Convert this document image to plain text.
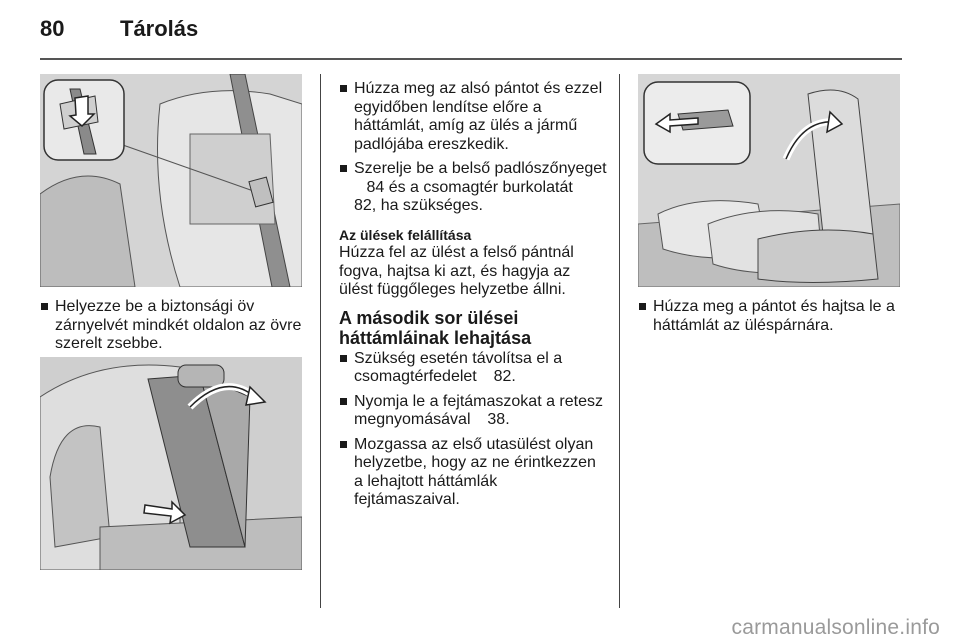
80	Tárolás
Helyezze be a biztonsági öv zárnyelvét mindkét oldalon az övre szerelt zsebbe.
Húzza meg az alsó pántot és ezzel egyidőben lendítse előre a háttámlát, amíg az ülés a jármű padlójába ereszkedik.
Szerelje be a belső padlószőnyeget   84 és a csomagtér burkolatát   82, ha szükséges.
Az ülések felállítása
Húzza fel az ülést a felső pántnál fogva, hajtsa ki azt, és hagyja az ülést függőleges helyzetbe állni.
A második sor ülései háttámláinak lehajtása
Szükség esetén távolítsa el a csomagtérfedelet   82.
Nyomja le a fejtámaszokat a retesz megnyomásával   38.
Mozgassa az első utasülést olyan helyzetbe, hogy az ne érintkezzen a lehajtott háttámlák fejtámaszaival.
Húzza meg a pántot és hajtsa le a háttámlát az üléspárnára.
carmanualsonline.info
